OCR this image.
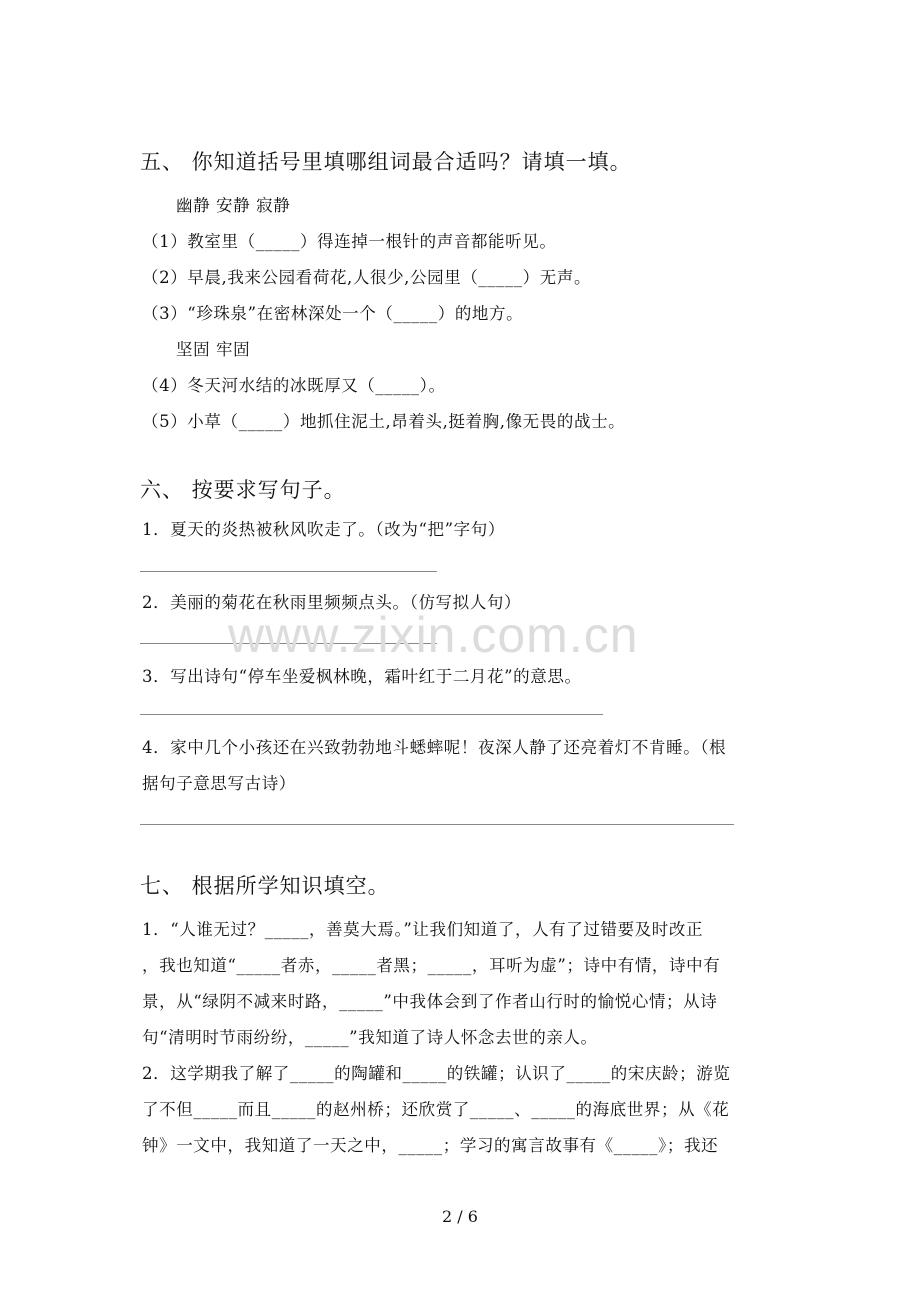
五、 你知道括号里填哪组词最合适吗？请填一填。
幽静 安静 寂静
（1）教室里（_____）得连掉一根针的声音都能听见。
（2）早晨,我来公园看荷花,人很少,公园里（_____）无声。
（3）“珍珠泉”在密林深处一个（_____）的地方。
坚固 牢固
（4）冬天河水结的冰既厚又（_____）。
（5）小草（_____）地抓住泥土,昂着头,挺着胸,像无畏的战士。
六、 按要求写句子。
1．夏天的炎热被秋风吹走了。（改为“把”字句）
2．美丽的菊花在秋雨里频频点头。（仿写拟人句）
3．写出诗句“停车坐爱枫林晚，霜叶红于二月花”的意思。
4．家中几个小孩还在兴致勃勃地斗蟋蟀呢！夜深人静了还亮着灯不肯睡。（根
据句子意思写古诗）
七、 根据所学知识填空。
1．“人谁无过？_____，善莫大焉。”让我们知道了，人有了过错要及时改正
，我也知道“_____者赤，_____者黑；_____，耳听为虚”；诗中有情，诗中有
景，从“绿阴不减来时路，_____”中我体会到了作者山行时的愉悦心情；从诗
句“清明时节雨纷纷，_____”我知道了诗人怀念去世的亲人。
2．这学期我了解了_____的陶罐和_____的铁罐；认识了_____的宋庆龄；游览
了不但_____而且_____的赵州桥；还欣赏了_____、_____的海底世界；从《花
钟》一文中，我知道了一天之中，_____；学习的寓言故事有《_____》；我还
www.zixin.com.cn
2 / 6
